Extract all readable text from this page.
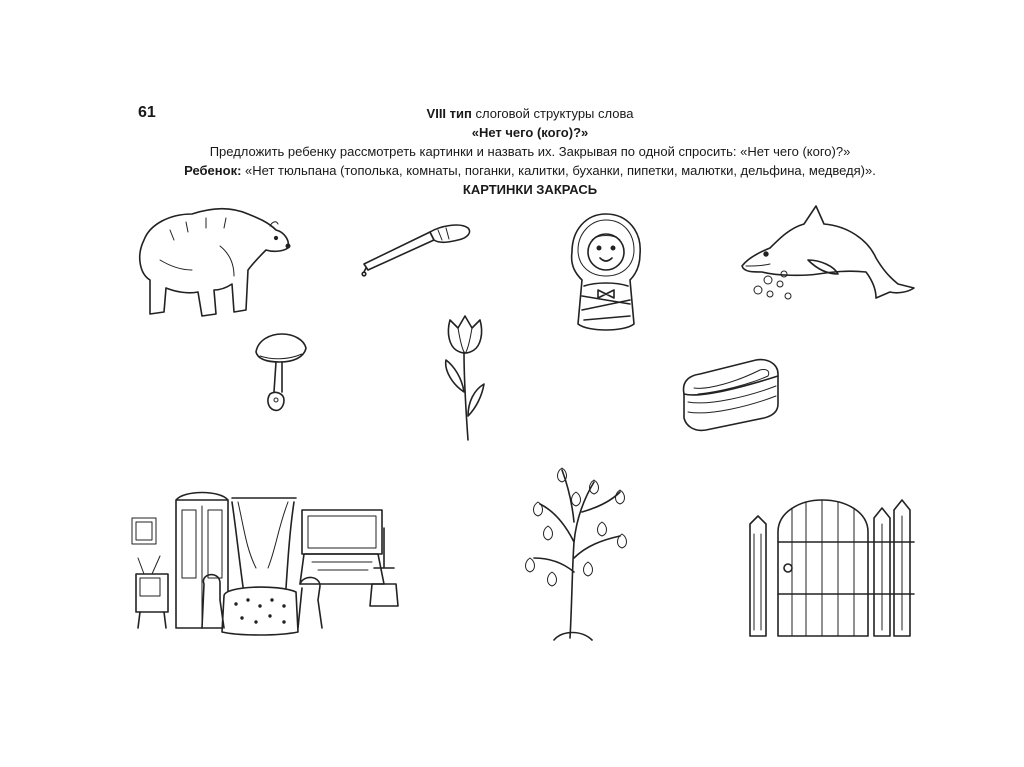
61	VIII тип слоговой структуры слова
«Нет чего (кого)?»
Предложить ребенку рассмотреть картинки и назвать их. Закрывая по одной спросить: «Нет чего (кого)?»
Ребенок: «Нет тюльпана (тополька, комнаты, поганки, калитки, буханки, пипетки, малютки, дельфина, медведя)».
КАРТИНКИ ЗАКРАСЬ
